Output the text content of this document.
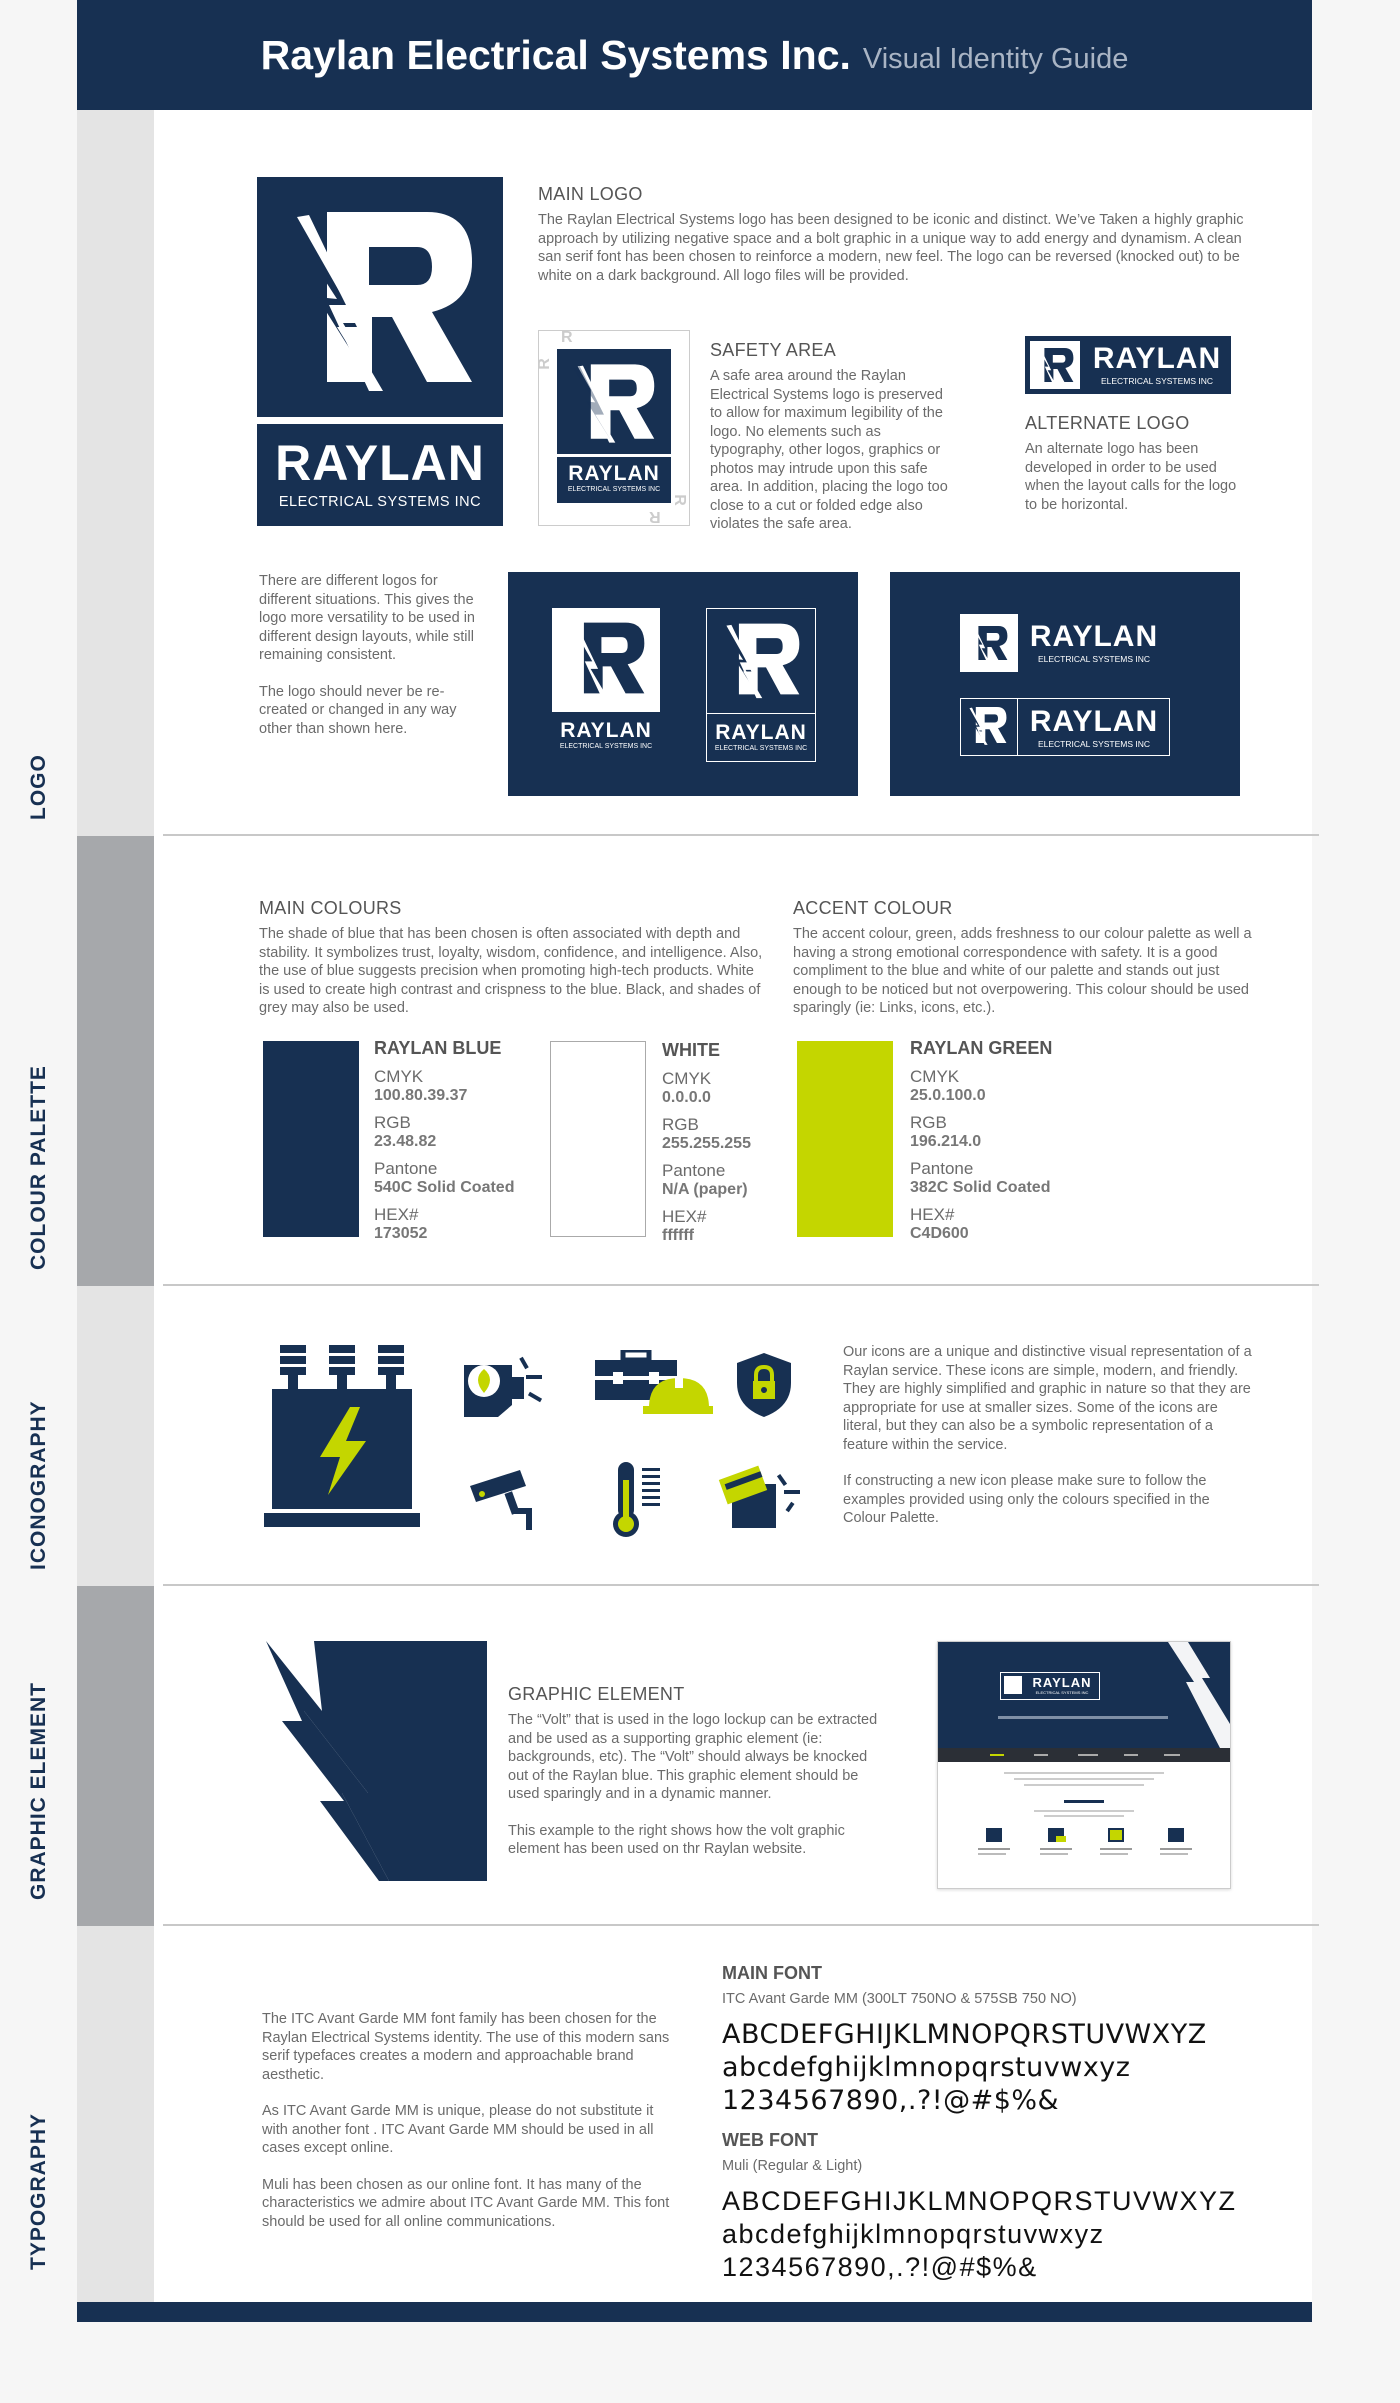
Raylan Electrical Systems Inc. Visual Identity Guide
LOGO
COLOUR PALETTE
ICONOGRAPHY
GRAPHIC ELEMENT
TYPOGRAPHY
RAYLAN
ELECTRICAL SYSTEMS INC

MAIN LOGO

The Raylan Electrical Systems logo has been designed to be iconic and distinct. We’ve Taken a highly graphic approach by utilizing negative space and a bolt graphic in a unique way to add energy and dynamism. A clean san serif font has been chosen to reinforce a modern, new feel. The logo can be reversed (knocked out) to be white on a dark background. All logo files will be provided.

R
R
R
R
RAYLAN
ELECTRICAL SYSTEMS INC

SAFETY AREA

A safe area around the Raylan Electrical Systems logo is preserved to allow for maximum legibility of the logo. No elements such as typography, other logos, graphics or photos may intrude upon this safe area. In addition, placing the logo too close to a cut or folded edge also violates the safe area.

RAYLAN
ELECTRICAL SYSTEMS INC

ALTERNATE LOGO

An alternate logo has been developed in order to be used when the layout calls for the logo to be horizontal.

There are different logos for different situations. This gives the logo more versatility to be used in different design layouts, while still remaining consistent.

The logo should never be re-created or changed in any way other than shown here.	RAYLAN
ELECTRICAL SYSTEMS INC
RAYLAN
ELECTRICAL SYSTEMS INC
RAYLAN
ELECTRICAL SYSTEMS INC
RAYLAN
ELECTRICAL SYSTEMS INC

MAIN COLOURS

The shade of blue that has been chosen is often associated with depth and stability. It symbolizes trust, loyalty, wisdom, confidence, and intelligence. Also, the use of blue suggests precision when promoting high-tech products. White is used to create high contrast and crispness to the blue. Black, and shades of grey may also be used.

ACCENT COLOUR

The accent colour, green, adds freshness to our colour palette as well a having a strong emotional correspondence with safety. It is a good compliment to the blue and white of our palette and stands out just enough to be noticed but not overpowering. This colour should be used sparingly (ie: Links, icons, etc.).

RAYLAN BLUE
CMYK
100.80.39.37
RGB
23.48.82
Pantone
540C Solid Coated
HEX#
173052
WHITE
CMYK
0.0.0.0
RGB
255.255.255
Pantone
N/A (paper)
HEX#
ffffff
RAYLAN GREEN
CMYK
25.0.100.0
RGB
196.214.0
Pantone
382C Solid Coated
HEX#
C4D600

Our icons are a unique and distinctive visual representation of a Raylan service. These icons are simple, modern, and friendly. They are highly simplified and graphic in nature so that they are appropriate for use at smaller sizes. Some of the icons are literal, but they can also be a symbolic representation of a feature within the service.

If constructing a new icon please make sure to follow the examples provided using only the colours specified in the Colour Palette.

GRAPHIC ELEMENT

The “Volt” that is used in the logo lockup can be extracted and be used as a supporting graphic element (ie: backgrounds, etc). The “Volt” should always be knocked out of the Raylan blue. This graphic element should be used sparingly and in a dynamic manner.

This example to the right shows how the volt graphic element has been used on thr Raylan website.

RAYLAN
ELECTRICAL SYSTEMS INC

The ITC Avant Garde MM font family has been chosen for the Raylan Electrical Systems identity. The use of this modern sans serif typefaces creates a modern and approachable brand aesthetic.

As ITC Avant Garde MM is unique, please do not substitute it with another font . ITC Avant Garde MM should be used in all cases except online.

Muli has been chosen as our online font. It has many of the characteristics we admire about ITC Avant Garde MM. This font should be used for all online communications.

MAIN FONT
ITC Avant Garde MM (300LT 750NO & 575SB 750 NO)
ABCDEFGHIJKLMNOPQRSTUVWXYZ
abcdefghijklmnopqrstuvwxyz
1234567890,.?!@#$%&
WEB FONT
Muli (Regular & Light)
ABCDEFGHIJKLMNOPQRSTUVWXYZ
abcdefghijklmnopqrstuvwxyz
1234567890,.?!@#$%&
